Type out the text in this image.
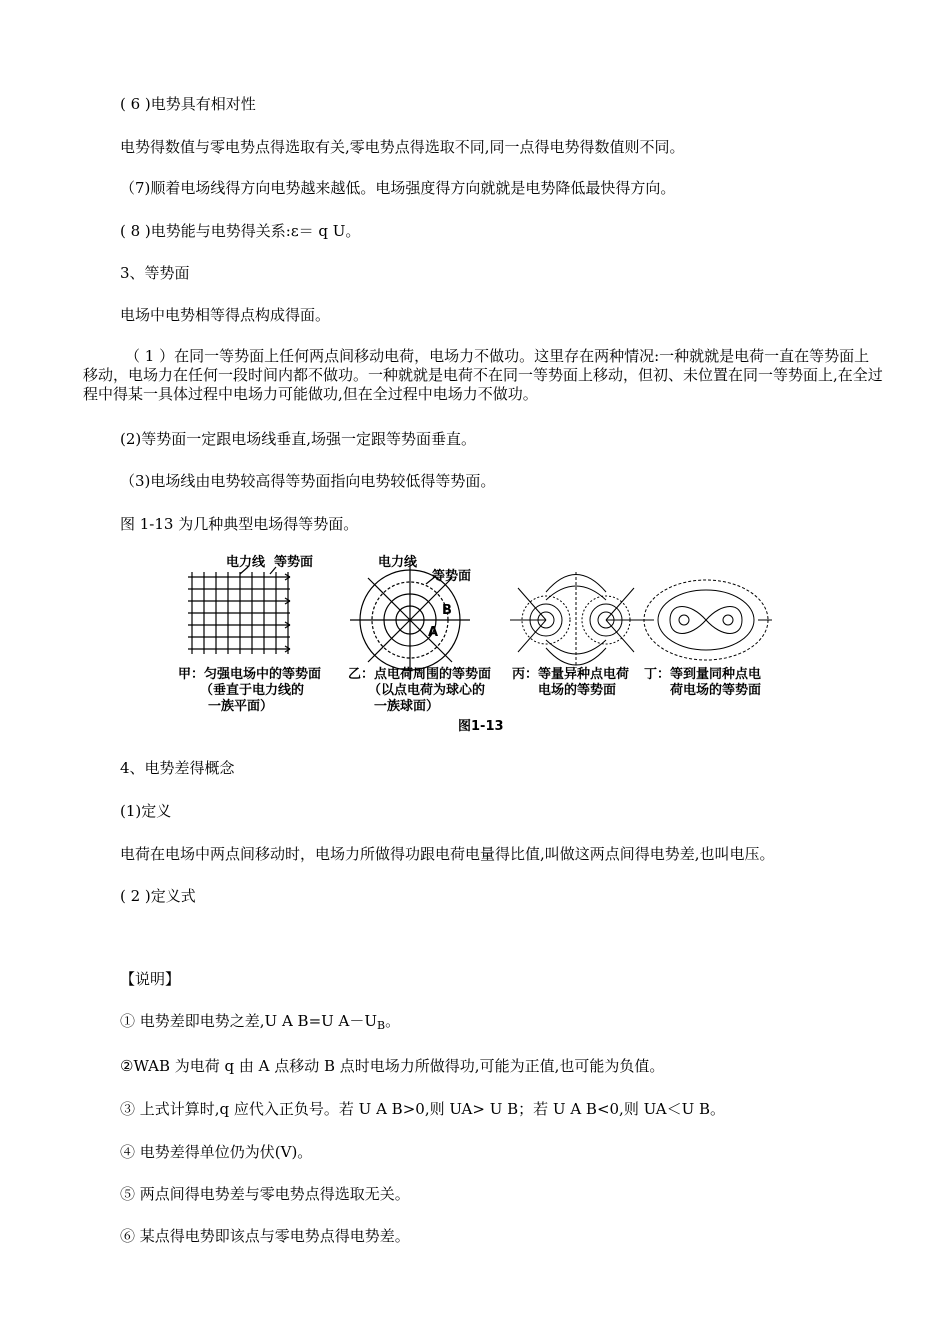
( 6 )电势具有相对性
电势得数值与零电势点得选取有关,零电势点得选取不同,同一点得电势得数值则不同。
（7)顺着电场线得方向电势越来越低。电场强度得方向就就是电势降低最快得方向。
( 8 )电势能与电势得关系:ε＝ q U。
3、等势面
电场中电势相等得点构成得面。
（ 1 ）在同一等势面上任何两点间移动电荷，电场力不做功。这里存在两种情况:一种就就是电荷一直在等势面上移动，电场力在任何一段时间内都不做功。一种就就是电荷不在同一等势面上移动，但初、未位置在同一等势面上,在全过程中得某一具体过程中电场力可能做功,但在全过程中电场力不做功。
(2)等势面一定跟电场线垂直,场强一定跟等势面垂直。
（3)电场线由电势较高得等势面指向电势较低得等势面。
图 1-13 为几种典型电场得等势面。
电力线 等势面	电力线
等势面
B
A
甲：匀强电场中的等势面
（垂直于电力线的
一族平面）
乙：点电荷周围的等势面
（以点电荷为球心的
一族球面）
丙：等量异种点电荷
电场的等势面
丁：等到量同种点电
荷电场的等势面
图1-13
4、电势差得概念
(1)定义
电荷在电场中两点间移动时，电场力所做得功跟电荷电量得比值,叫做这两点间得电势差,也叫电压。
( 2 )定义式
【说明】
① 电势差即电势之差,U A B=U $A-U_B$。
②WAB 为电荷 q 由 A 点移动 B 点时电场力所做得功,可能为正值,也可能为负值。
③ 上式计算时,q 应代入正负号。若 U A B>0,则 UA> U B；若 U A B<0,则 UA＜U B。
④ 电势差得单位仍为伏(V)。
⑤ 两点间得电势差与零电势点得选取无关。
⑥ 某点得电势即该点与零电势点得电势差。
